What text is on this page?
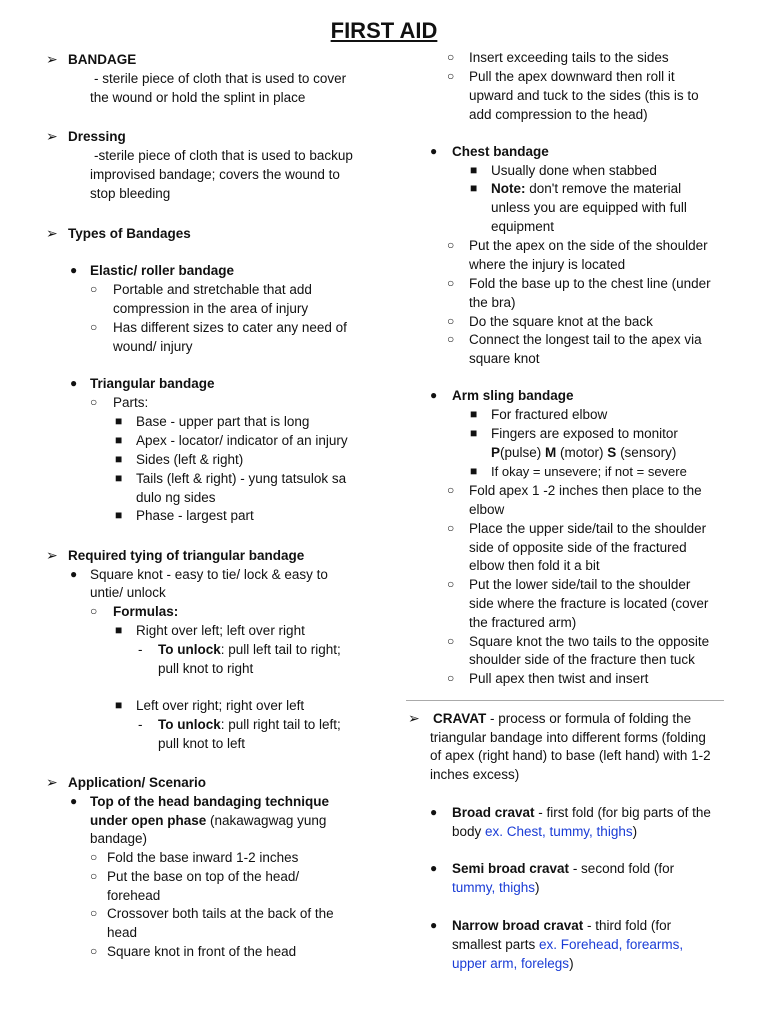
FIRST AID
➢ BANDAGE
- sterile piece of cloth that is used to cover
the wound or hold the splint in place
➢ Dressing
-sterile piece of cloth that is used to backup
improvised bandage; covers the wound to
stop bleeding
➢ Types of Bandages
● Elastic/ roller bandage
○ Portable and stretchable that add
compression in the area of injury
○ Has different sizes to cater any need of
wound/ injury
● Triangular bandage
○ Parts:
■ Base - upper part that is long
■ Apex - locator/ indicator of an injury
■ Sides (left & right)
■ Tails (left & right) - yung tatsulok sa
dulo ng sides
■ Phase - largest part
➢ Required tying of triangular bandage
● Square knot - easy to tie/ lock & easy to
untie/ unlock
○ Formulas:
■ Right over left; left over right
- To unlock: pull left tail to right;
pull knot to right
■ Left over right; right over left
- To unlock: pull right tail to left;
pull knot to left
➢ Application/ Scenario
● Top of the head bandaging technique
under open phase (nakawagwag yung
bandage)
○ Fold the base inward 1-2 inches
○ Put the base on top of the head/
forehead
○ Crossover both tails at the back of the
head
○ Square knot in front of the head
○ Insert exceeding tails to the sides
○ Pull the apex downward then roll it
upward and tuck to the sides (this is to
add compression to the head)
● Chest bandage
■ Usually done when stabbed
■ Note: don't remove the material
unless you are equipped with full
equipment
○ Put the apex on the side of the shoulder
where the injury is located
○ Fold the base up to the chest line (under
the bra)
○ Do the square knot at the back
○ Connect the longest tail to the apex via
square knot
● Arm sling bandage
■ For fractured elbow
■ Fingers are exposed to monitor
P(pulse) M (motor) S (sensory)
■ If okay = unsevere; if not = severe
○ Fold apex 1 -2 inches then place to the
elbow
○ Place the upper side/tail to the shoulder
side of opposite side of the fractured
elbow then fold it a bit
○ Put the lower side/tail to the shoulder
side where the fracture is located (cover
the fractured arm)
○ Square knot the two tails to the opposite
shoulder side of the fracture then tuck
○ Pull apex then twist and insert
➢ CRAVAT - process or formula of folding the
triangular bandage into different forms (folding
of apex (right hand) to base (left hand) with 1-2
inches excess)
● Broad cravat - first fold (for big parts of the
body ex. Chest, tummy, thighs)
● Semi broad cravat - second fold (for
tummy, thighs)
● Narrow broad cravat - third fold (for
smallest parts ex. Forehead, forearms,
upper arm, forelegs)
